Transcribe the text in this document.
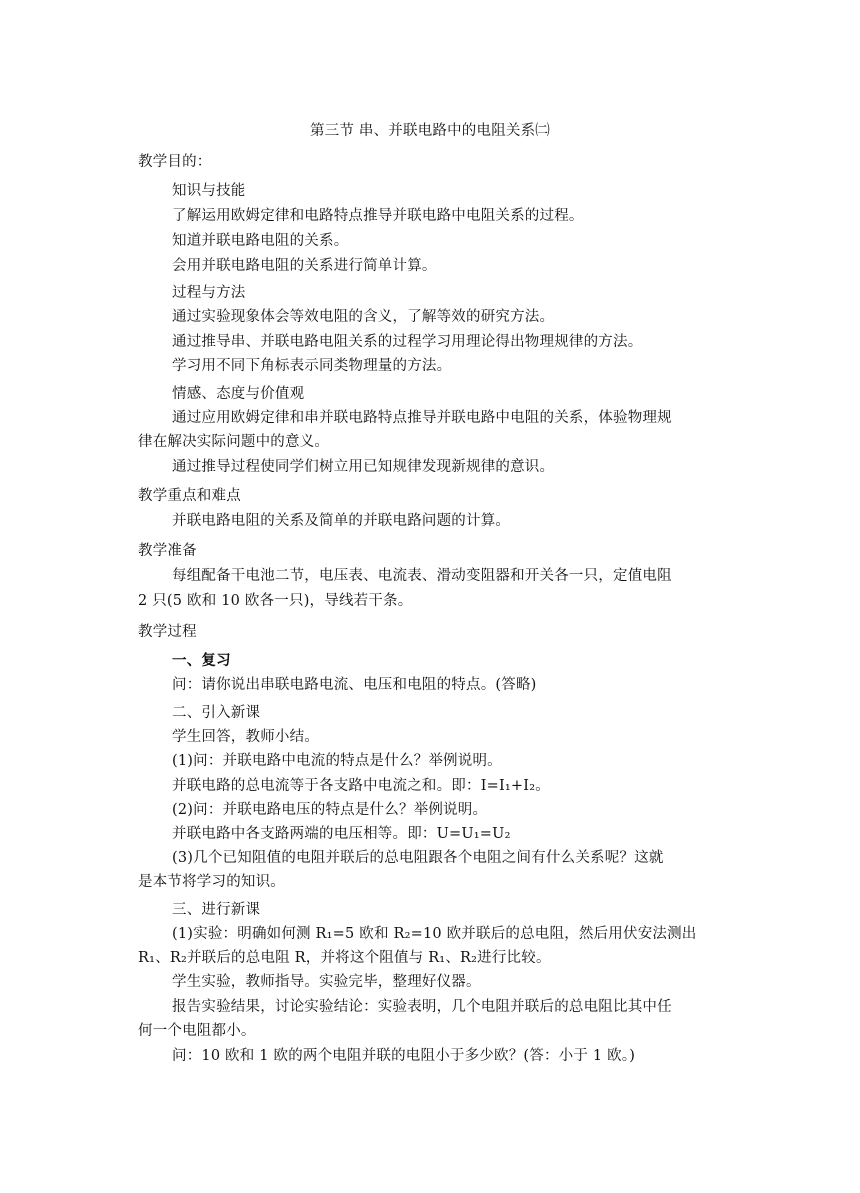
第三节 串、并联电路中的电阻关系㈡
教学目的：
知识与技能
了解运用欧姆定律和电路特点推导并联电路中电阻关系的过程。
知道并联电路电阻的关系。
会用并联电路电阻的关系进行简单计算。
过程与方法
通过实验现象体会等效电阻的含义，了解等效的研究方法。
通过推导串、并联电路电阻关系的过程学习用理论得出物理规律的方法。
学习用不同下角标表示同类物理量的方法。
情感、态度与价值观
通过应用欧姆定律和串并联电路特点推导并联电路中电阻的关系，体验物理规
律在解决实际问题中的意义。
通过推导过程使同学们树立用已知规律发现新规律的意识。
教学重点和难点
并联电路电阻的关系及简单的并联电路问题的计算。
教学准备
每组配备干电池二节，电压表、电流表、滑动变阻器和开关各一只，定值电阻
2 只(5 欧和 10 欧各一只)，导线若干条。
教学过程
一、复习
问：请你说出串联电路电流、电压和电阻的特点。(答略)
二、引入新课
学生回答，教师小结。
(1)问：并联电路中电流的特点是什么？举例说明。
并联电路的总电流等于各支路中电流之和。即：I=I₁+I₂。
(2)问：并联电路电压的特点是什么？举例说明。
并联电路中各支路两端的电压相等。即：U=U₁=U₂
(3)几个已知阻值的电阻并联后的总电阻跟各个电阻之间有什么关系呢？这就
是本节将学习的知识。
三、进行新课
(1)实验：明确如何测 R₁=5 欧和 R₂=10 欧并联后的总电阻，然后用伏安法测出
R₁、R₂并联后的总电阻 R，并将这个阻值与 R₁、R₂进行比较。
学生实验，教师指导。实验完毕，整理好仪器。
报告实验结果，讨论实验结论：实验表明，几个电阻并联后的总电阻比其中任
何一个电阻都小。
问：10 欧和 1 欧的两个电阻并联的电阻小于多少欧？(答：小于 1 欧。)
